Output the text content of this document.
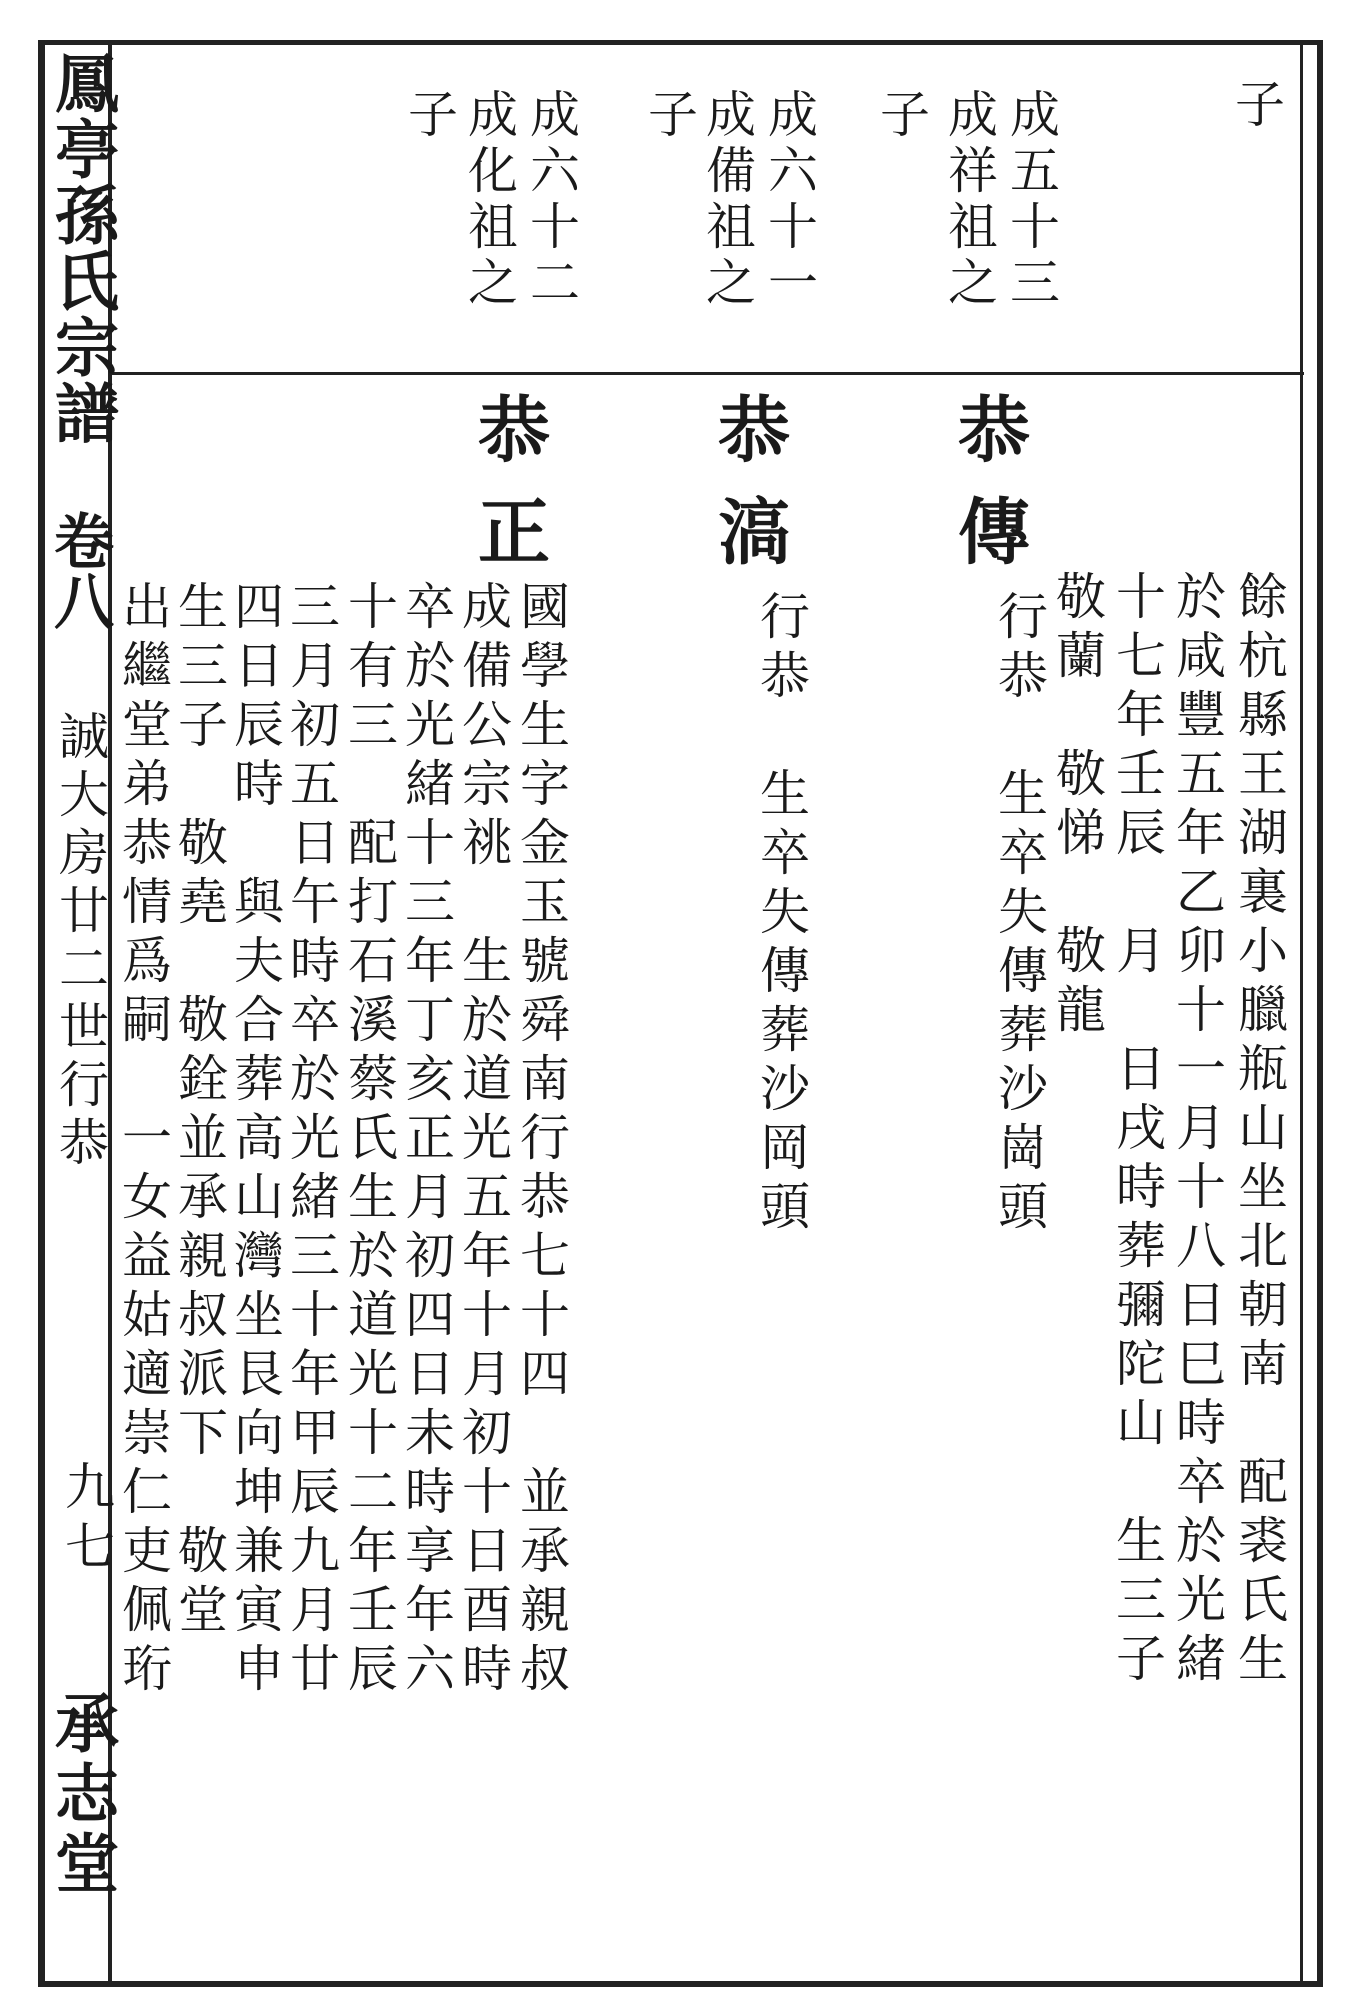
鳳亭孫氏宗譜
卷八
誠大房廿二世行恭
九七
承志堂
子
成五十三
成祥祖之
子
成六十一
成備祖之
子
成六十二
成化祖之
子
恭傳
恭滈
恭正
餘杭縣王湖裏小臘瓶山坐北朝南　配裘氏生
於咸豐五年乙卯十一月十八日巳時卒於光緒
十七年壬辰　月　日戌時葬彌陀山　生三子
敬蘭　敬悌　敬龍
行恭　生卒失傳葬沙崗頭
行恭　生卒失傳葬沙岡頭
國學生字金玉號舜南行恭七十四　並承親叔
成備公宗祧　生於道光五年十月初十日酉時
卒於光緒十三年丁亥正月初四日未時享年六
十有三　配打石溪蔡氏生於道光十二年壬辰
三月初五日午時卒於光緒三十年甲辰九月廿
四日辰時　與夫合葬高山灣坐艮向坤兼寅申
生三子　敬堯　敬銓並承親叔派下　敬堂
出繼堂弟恭情爲嗣　一女益姑適崇仁吏佩珩
